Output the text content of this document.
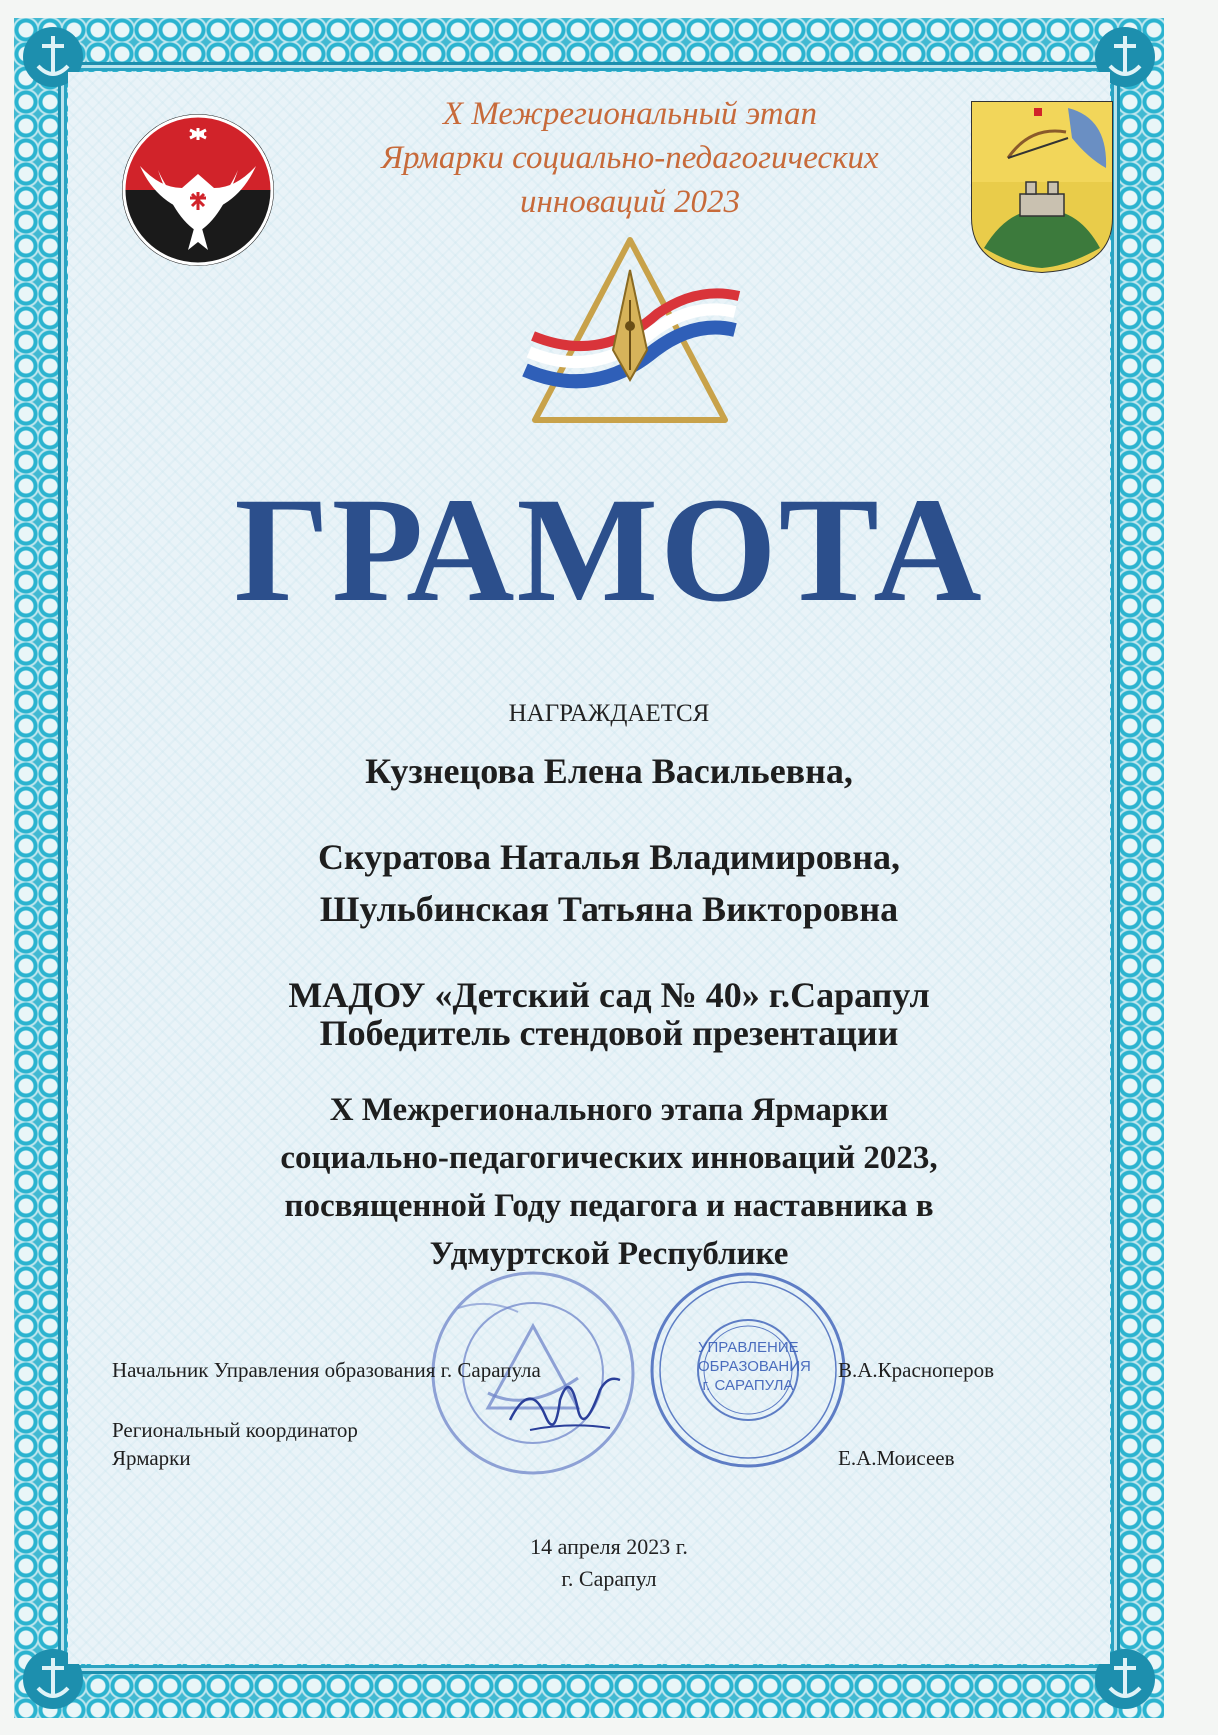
X Межрегиональный этап
Ярмарки социально-педагогических
инноваций 2023
ГРАМОТА
НАГРАЖДАЕТСЯ
Кузнецова Елена Васильевна,
Скуратова Наталья Владимировна,
Шульбинская Татьяна Викторовна
МАДОУ «Детский сад № 40» г.Сарапул
Победитель стендовой презентации
X Межрегионального этапа Ярмарки
социально-педагогических инноваций 2023,
посвященной Году педагога и наставника в
Удмуртской Республике
УПРАВЛЕНИЕ
ОБРАЗОВАНИЯ
г. САРАПУЛА
Начальник Управления образования г. Сарапула	В.А.Красноперов
Региональный координатор
Ярмарки	Е.А.Моисеев
14 апреля 2023 г.
г. Сарапул
